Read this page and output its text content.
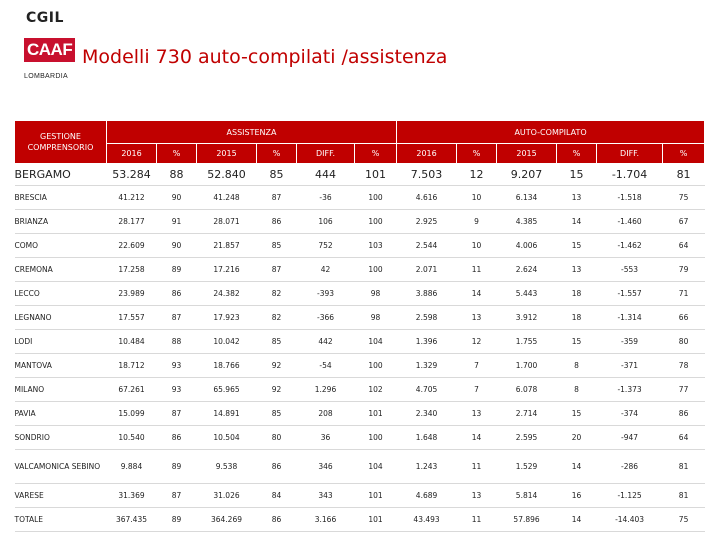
CGIL
CAAF
LOMBARDIA
Modelli 730 auto-compilati /assistenza
GESTIONE
COMPRENSORIO	ASSISTENZA						AUTO-COMPILATO					
	2016	%	2015	%	DIFF.	%	2016	%	2015	%	DIFF.	%
BERGAMO	53.284	88	52.840	85	444	101	7.503	12	9.207	15	-1.704	81
BRESCIA	41.212	90	41.248	87	-36	100	4.616	10	6.134	13	-1.518	75
BRIANZA	28.177	91	28.071	86	106	100	2.925	9	4.385	14	-1.460	67
COMO	22.609	90	21.857	85	752	103	2.544	10	4.006	15	-1.462	64
CREMONA	17.258	89	17.216	87	42	100	2.071	11	2.624	13	-553	79
LECCO	23.989	86	24.382	82	-393	98	3.886	14	5.443	18	-1.557	71
LEGNANO	17.557	87	17.923	82	-366	98	2.598	13	3.912	18	-1.314	66
LODI	10.484	88	10.042	85	442	104	1.396	12	1.755	15	-359	80
MANTOVA	18.712	93	18.766	92	-54	100	1.329	7	1.700	8	-371	78
MILANO	67.261	93	65.965	92	1.296	102	4.705	7	6.078	8	-1.373	77
PAVIA	15.099	87	14.891	85	208	101	2.340	13	2.714	15	-374	86
SONDRIO	10.540	86	10.504	80	36	100	1.648	14	2.595	20	-947	64
VALCAMONICA SEBINO	9.884	89	9.538	86	346	104	1.243	11	1.529	14	-286	81
VARESE	31.369	87	31.026	84	343	101	4.689	13	5.814	16	-1.125	81
TOTALE	367.435	89	364.269	86	3.166	101	43.493	11	57.896	14	-14.403	75
